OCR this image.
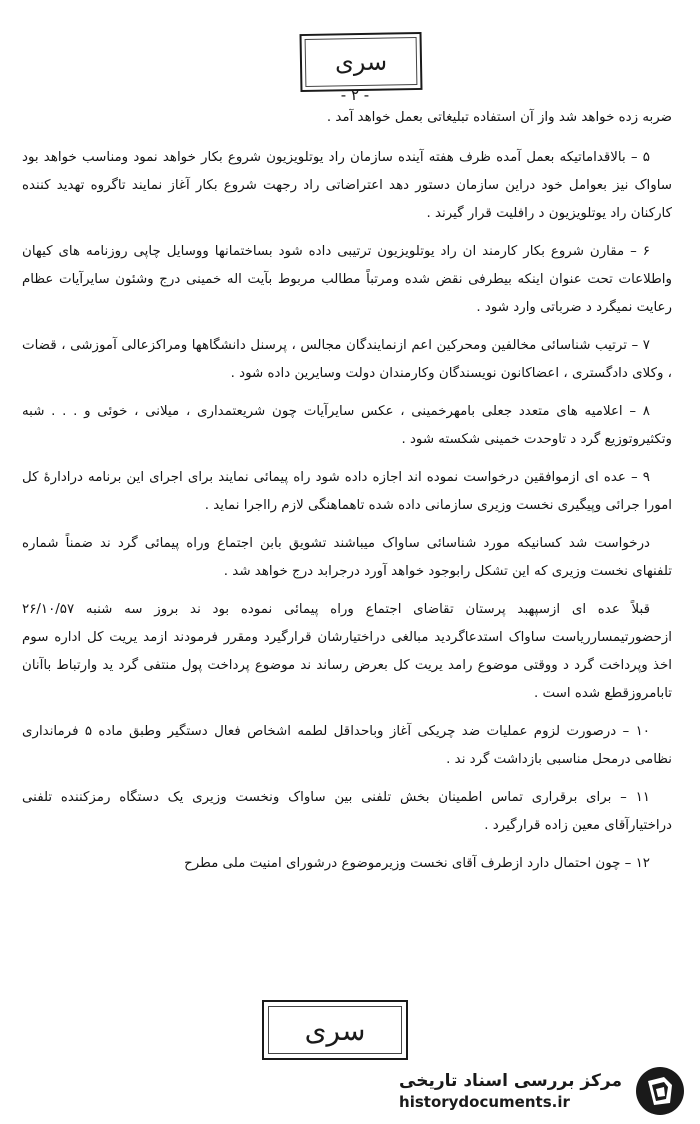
سری
- ۲ -

ضربه زده خواهد شد واز آن استفاده تبلیغاتی بعمل خواهد آمد .

۵ – بالاقداماتیکه بعمل آمده ظرف هفته آینده سازمان راد یوتلویزیون شروع بکار خواهد نمود ومناسب خواهد بود ساواک نیز بعوامل خود دراین سازمان دستور دهد اعتراضاتی راد رجهت شروع بکار آغاز نمایند تاگروه تهدید کننده کارکنان راد یوتلویزیون د رافلیت قرار گیرند .

۶ – مقارن شروع بکار کارمند ان راد یوتلویزیون ترتیبی داده شود بساختمانها ووسایل چاپی روزنامه های کیهان واطلاعات تحت عنوان اینکه بیطرفی نقض شده ومرتباً مطالب مربوط بآیت اله خمینی درج وشئون سایرآیات عظام رعایت نمیگرد د ضرباتی وارد شود .

۷ – ترتیب شناسائی مخالفین ومحرکین اعم ازنمایندگان مجالس ، پرسنل دانشگاهها ومراکزعالی آموزشی ، قضات ، وکلای دادگستری ، اعضاکانون نویسندگان وکارمندان دولت وسایرین داده شود .

۸ – اعلامیه های متعدد جعلی بامهرخمینی ، عکس سایرآیات چون شریعتمداری ، میلانی ، خوئی و . . . شبه وتکثیروتوزیع گرد د تاوحدت خمینی شکسته شود .

۹ – عده ای ازموافقین درخواست نموده اند اجازه داده شود راه پیمائی نمایند برای اجرای این برنامه درادارهٔ کل امورا جرائی وپیگیری نخست وزیری سازمانی داده شده تاهماهنگی لازم رااجرا نماید .

درخواست شد کسانیکه مورد شناسائی ساواک میباشند تشویق بابن اجتماع وراه پیمائی گرد ند ضمناً شماره تلفنهای نخست وزیری که این تشکل رابوجود خواهد آورد درجرابد درج خواهد شد .

قبلاً عده ای ازسپهبد پرستان تقاضای اجتماع وراه پیمائی نموده بود ند بروز سه شنبه ۲۶/۱۰/۵۷ ازحضورتیمسارریاست ساواک استدعاگردید مبالغی دراختیارشان قرارگیرد ومقرر فرمودند ازمد یریت کل اداره سوم اخذ وپرداخت گرد د ووقتی موضوع رامد یریت کل بعرض رساند ند موضوع پرداخت پول منتفی گرد ید وارتباط باآنان تابامروزقطع شده است .

۱۰ – درصورت لزوم عملیات ضد چریکی آغاز وباحداقل لطمه اشخاص فعال دستگیر وطبق ماده ۵ فرمانداری نظامی درمحل مناسبی بازداشت گرد ند .

۱۱ – برای برقراری تماس اطمینان بخش تلفنی بین ساواک ونخست وزیری یک دستگاه رمزکننده تلفنی دراختیارآقای معین زاده قرارگیرد .

۱۲ – چون احتمال دارد ازطرف آقای نخست وزیرموضوع درشورای امنیت ملی مطرح

سری
مرکز بررسی اسناد تاریخی
historydocuments.ir
